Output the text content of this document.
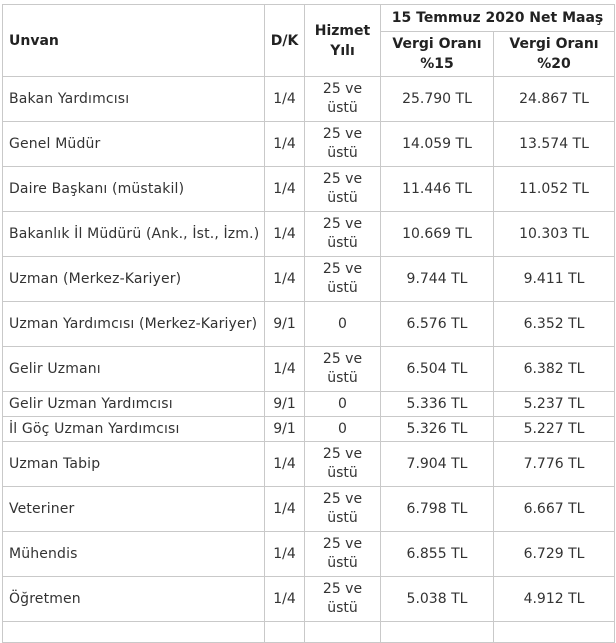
Unvan	D/K	Hizmet Yılı	15 Temmuz 2020 Net Maaş	
			Vergi Oranı %15	Vergi Oranı %20
Bakan Yardımcısı	1/4	25 ve üstü	25.790 TL	24.867 TL
Genel Müdür	1/4	25 ve üstü	14.059 TL	13.574 TL
Daire Başkanı (müstakil)	1/4	25 ve üstü	11.446 TL	11.052 TL
Bakanlık İl Müdürü (Ank., İst., İzm.)	1/4	25 ve üstü	10.669 TL	10.303 TL
Uzman (Merkez-Kariyer)	1/4	25 ve üstü	9.744 TL	9.411 TL
Uzman Yardımcısı (Merkez-Kariyer)	9/1	0	6.576 TL	6.352 TL
Gelir Uzmanı	1/4	25 ve üstü	6.504 TL	6.382 TL
Gelir Uzman Yardımcısı	9/1	0	5.336 TL	5.237 TL
İl Göç Uzman Yardımcısı	9/1	0	5.326 TL	5.227 TL
Uzman Tabip	1/4	25 ve üstü	7.904 TL	7.776 TL
Veteriner	1/4	25 ve üstü	6.798 TL	6.667 TL
Mühendis	1/4	25 ve üstü	6.855 TL	6.729 TL
Öğretmen	1/4	25 ve üstü	5.038 TL	4.912 TL
